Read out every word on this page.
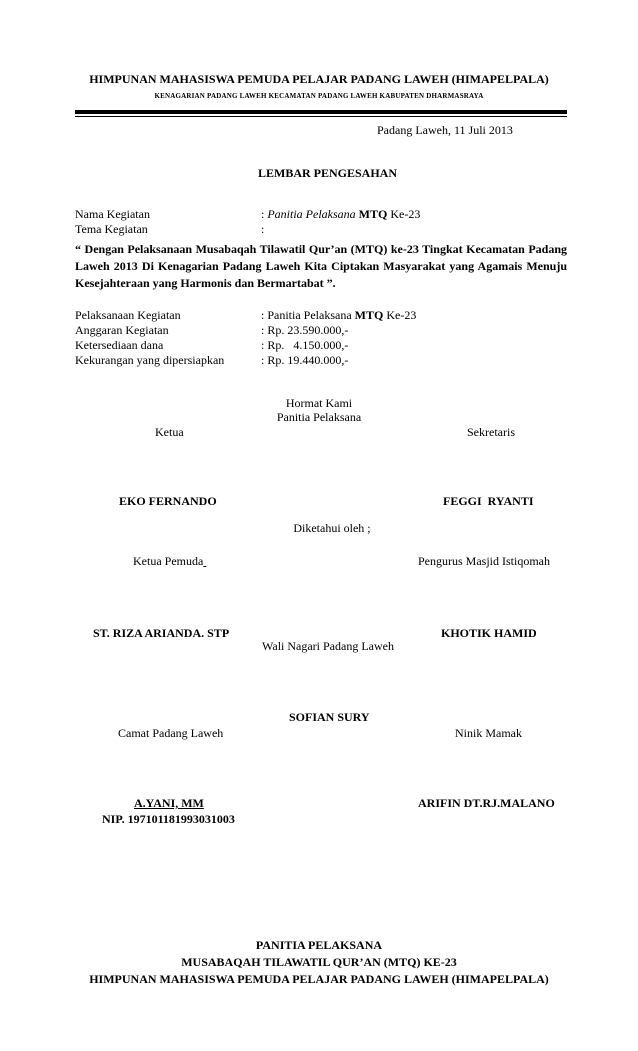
HIMPUNAN MAHASISWA PEMUDA PELAJAR PADANG LAWEH (HIMAPELPALA)
KENAGARIAN PADANG LAWEH KECAMATAN PADANG LAWEH KABUPATEN DHARMASRAYA
Padang Laweh, 11 Juli 2013
LEMBAR PENGESAHAN
Nama Kegiatan	: Panitia Pelaksana MTQ Ke-23
Tema Kegiatan	:
“ Dengan Pelaksanaan Musabaqah Tilawatil Qur’an (MTQ) ke-23 Tingkat Kecamatan Padang Laweh 2013 Di Kenagarian Padang Laweh Kita Ciptakan Masyarakat yang Agamais Menuju Kesejahteraan yang Harmonis dan Bermartabat ”.
Pelaksanaan Kegiatan	: Panitia Pelaksana MTQ Ke-23
Anggaran Kegiatan	: Rp. 23.590.000,-
Ketersediaan dana	: Rp.   4.150.000,-
Kekurangan yang dipersiapkan	: Rp. 19.440.000,-
Hormat Kami
Panitia Pelaksana
Ketua	Sekretaris
EKO FERNANDO	FEGGI  RYANTI
Diketahui oleh ;
Ketua Pemuda	Pengurus Masjid Istiqomah
ST. RIZA ARIANDA. STP	KHOTIK HAMID
Wali Nagari Padang Laweh
SOFIAN SURY
Camat Padang Laweh	Ninik Mamak
A.YANI, MM	ARIFIN DT.RJ.MALANO
NIP. 197101181993031003
PANITIA PELAKSANA
MUSABAQAH TILAWATIL QUR’AN (MTQ) KE-23
HIMPUNAN MAHASISWA PEMUDA PELAJAR PADANG LAWEH (HIMAPELPALA)
